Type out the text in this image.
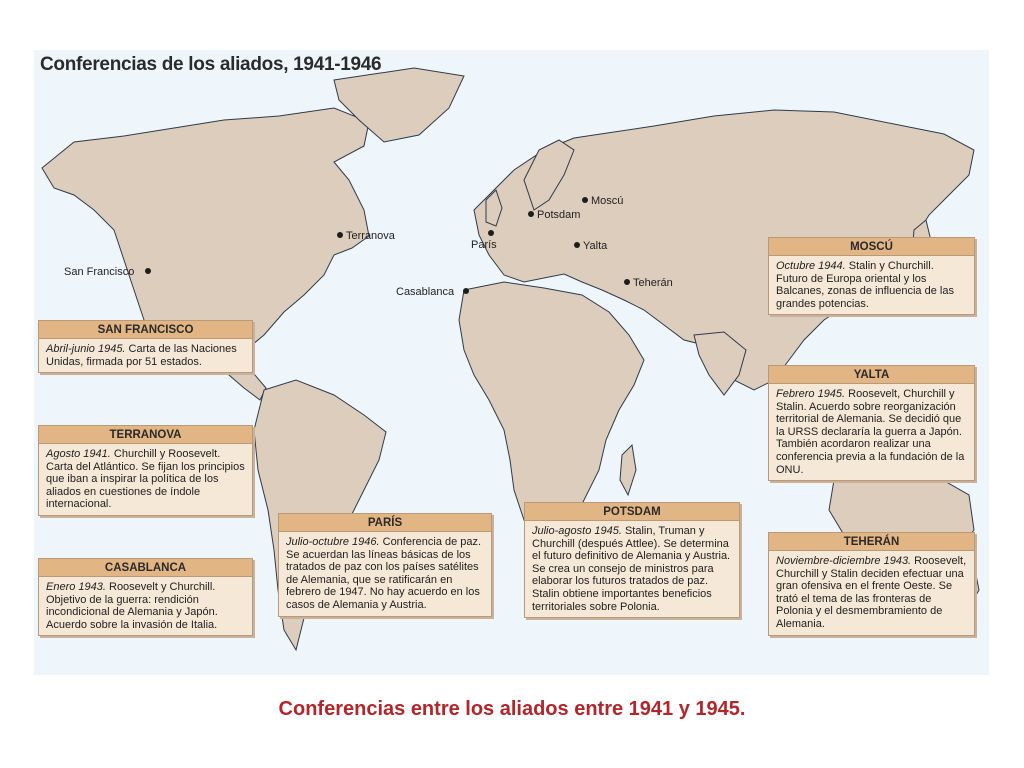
San Francisco
Terranova
Casablanca
París
Potsdam
Moscú
Yalta
Teherán
Conferencias de los aliados, 1941-1946
SAN FRANCISCO
Abril-junio 1945. Carta de las Naciones Unidas, firmada por 51 estados.
TERRANOVA
Agosto 1941. Churchill y Roosevelt. Carta del Atlántico. Se fijan los principios que iban a inspirar la política de los aliados en cuestiones de índole internacional.
CASABLANCA
Enero 1943. Roosevelt y Churchill. Objetivo de la guerra: rendición incondicional de Alemania y Japón. Acuerdo sobre la invasión de Italia.
PARÍS
Julio-octubre 1946. Conferencia de paz. Se acuerdan las líneas básicas de los tratados de paz con los países satélites de Alemania, que se ratificarán en febrero de 1947. No hay acuerdo en los casos de Alemania y Austria.
POTSDAM
Julio-agosto 1945. Stalin, Truman y Churchill (después Attlee). Se determina el futuro definitivo de Alemania y Austria. Se crea un consejo de ministros para elaborar los futuros tratados de paz. Stalin obtiene importantes beneficios territoriales sobre Polonia.
MOSCÚ
Octubre 1944. Stalin y Churchill. Futuro de Europa oriental y los Balcanes, zonas de influencia de las grandes potencias.
YALTA
Febrero 1945. Roosevelt, Churchill y Stalin. Acuerdo sobre reorganización territorial de Alemania. Se decidió que la URSS declararía la guerra a Japón. También acordaron realizar una conferencia previa a la fundación de la ONU.
TEHERÁN
Noviembre-diciembre 1943. Roosevelt, Churchill y Stalin deciden efectuar una gran ofensiva en el frente Oeste. Se trató el tema de las fronteras de Polonia y el desmembramiento de Alemania.
Conferencias entre los aliados entre 1941 y 1945.
